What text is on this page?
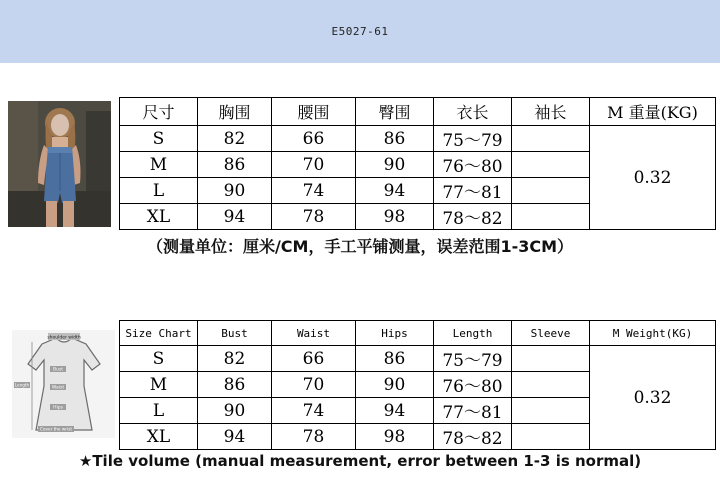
E5027-61
尺寸	胸围	腰围	臀围	衣长	袖长	M 重量(KG)
S	82	66	86	75～79		0.32
M	86	70	90	76～80		
L	90	74	94	77～81		
XL	94	78	98	78～82		
（测量单位：厘米/CM，手工平铺测量，误差范围1-3CM）
shoulder width
Bust
Waist
Hips
Length
Cover the wrist
Size Chart	Bust	Waist	Hips	Length	Sleeve	M Weight(KG)
S	82	66	86	75～79		0.32
M	86	70	90	76～80		
L	90	74	94	77～81		
XL	94	78	98	78～82		
★Tile volume (manual measurement, error between 1-3 is normal)
